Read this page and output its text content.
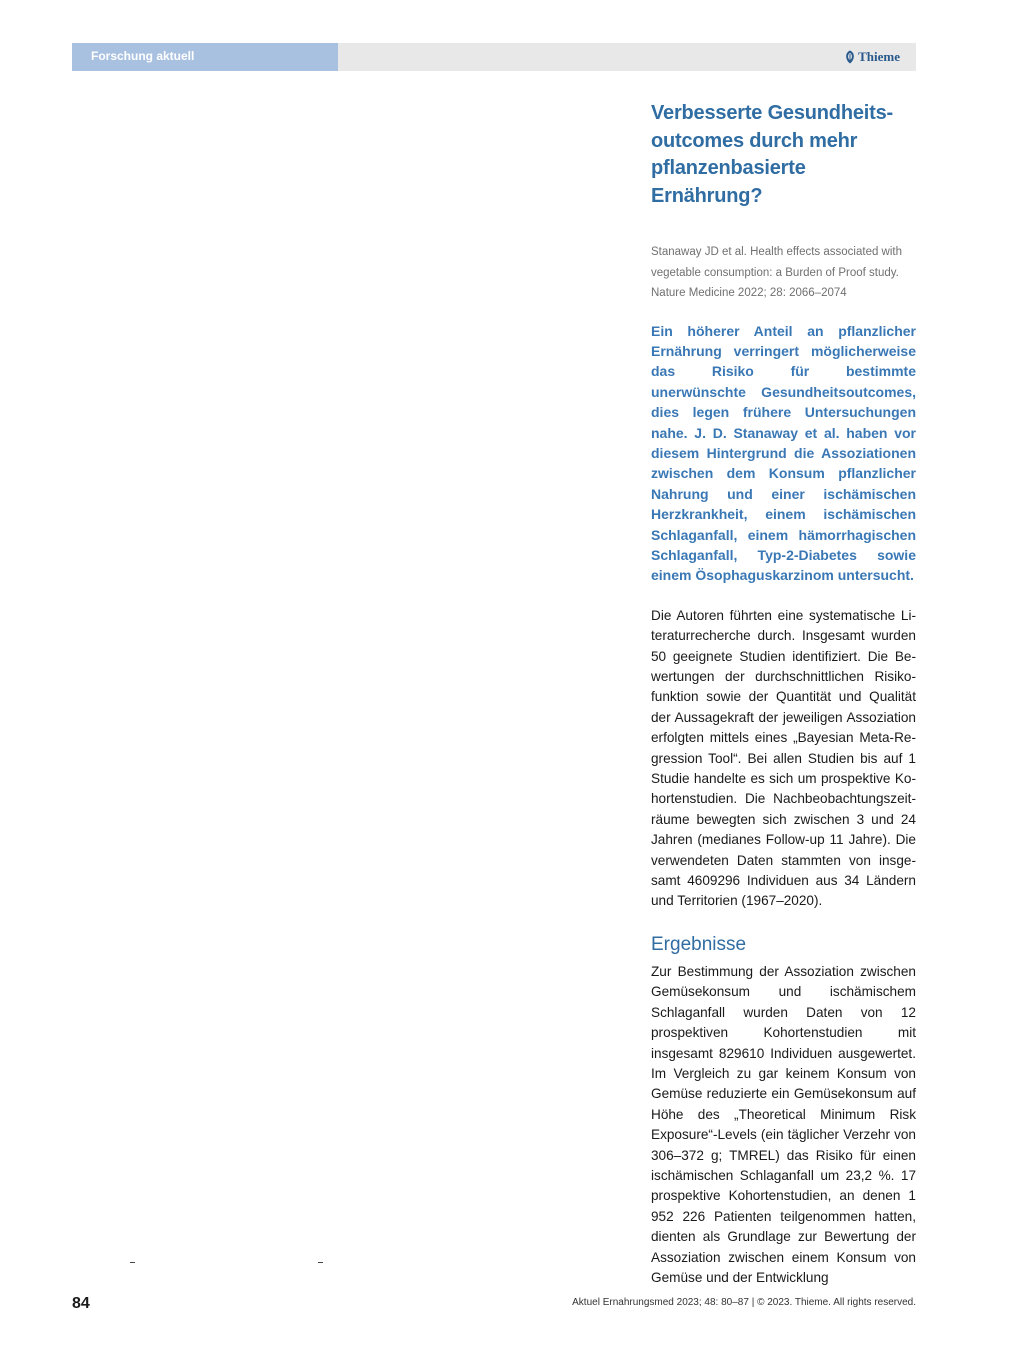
Forschung aktuell	Thieme
Verbesserte Gesundheitsoutcomes durch mehr pflanzenbasierte Ernährung?

Stanaway JD et al. Health effects associated with vegetable consumption: a Burden of Proof study. Nature Medicine 2022; 28: 2066–2074

Ein höherer Anteil an pflanzlicher Ernährung verringert möglicherweise das Risiko für bestimmte unerwünschte Gesundheitsoutcomes, dies legen frühere Untersuchungen nahe. J. D. Stanaway et al. haben vor diesem Hintergrund die Assoziationen zwischen dem Konsum pflanzlicher Nahrung und einer ischämischen Herzkrankheit, einem ischämischen Schlaganfall, einem hämorrhagischen Schlaganfall, Typ-2-Diabetes sowie einem Ösophaguskarzinom untersucht.

Die Autoren führten eine systematische Literaturrecherche durch. Insgesamt wurden 50 geeignete Studien identifiziert. Die Bewertungen der durchschnittlichen Risikofunktion sowie der Quantität und Qualität der Aussagekraft der jeweiligen Assoziation erfolgten mittels eines „Bayesian Meta-Regression Tool“. Bei allen Studien bis auf 1 Studie handelte es sich um prospektive Kohortenstudien. Die Nachbeobachtungszeiträume bewegten sich zwischen 3 und 24 Jahren (medianes Follow-up 11 Jahre). Die verwendeten Daten stammten von insgesamt 4609296 Individuen aus 34 Ländern und Territorien (1967–2020).

Ergebnisse

Zur Bestimmung der Assoziation zwischen Gemüsekonsum und ischämischem Schlaganfall wurden Daten von 12 prospektiven Kohortenstudien mit insgesamt 829610 Individuen ausgewertet. Im Vergleich zu gar keinem Konsum von Gemüse reduzierte ein Gemüsekonsum auf Höhe des „Theoretical Minimum Risk Exposure“-Levels (ein täglicher Verzehr von 306–372 g; TMREL) das Risiko für einen ischämischen Schlaganfall um 23,2 %. 17 prospektive Kohortenstudien, an denen 1 952 226 Patienten teilgenommen hatten, dienten als Grundlage zur Bewertung der Assoziation zwischen einem Konsum von Gemüse und der Entwicklung

84	Aktuel Ernahrungsmed 2023; 48: 80–87 | © 2023. Thieme. All rights reserved.
